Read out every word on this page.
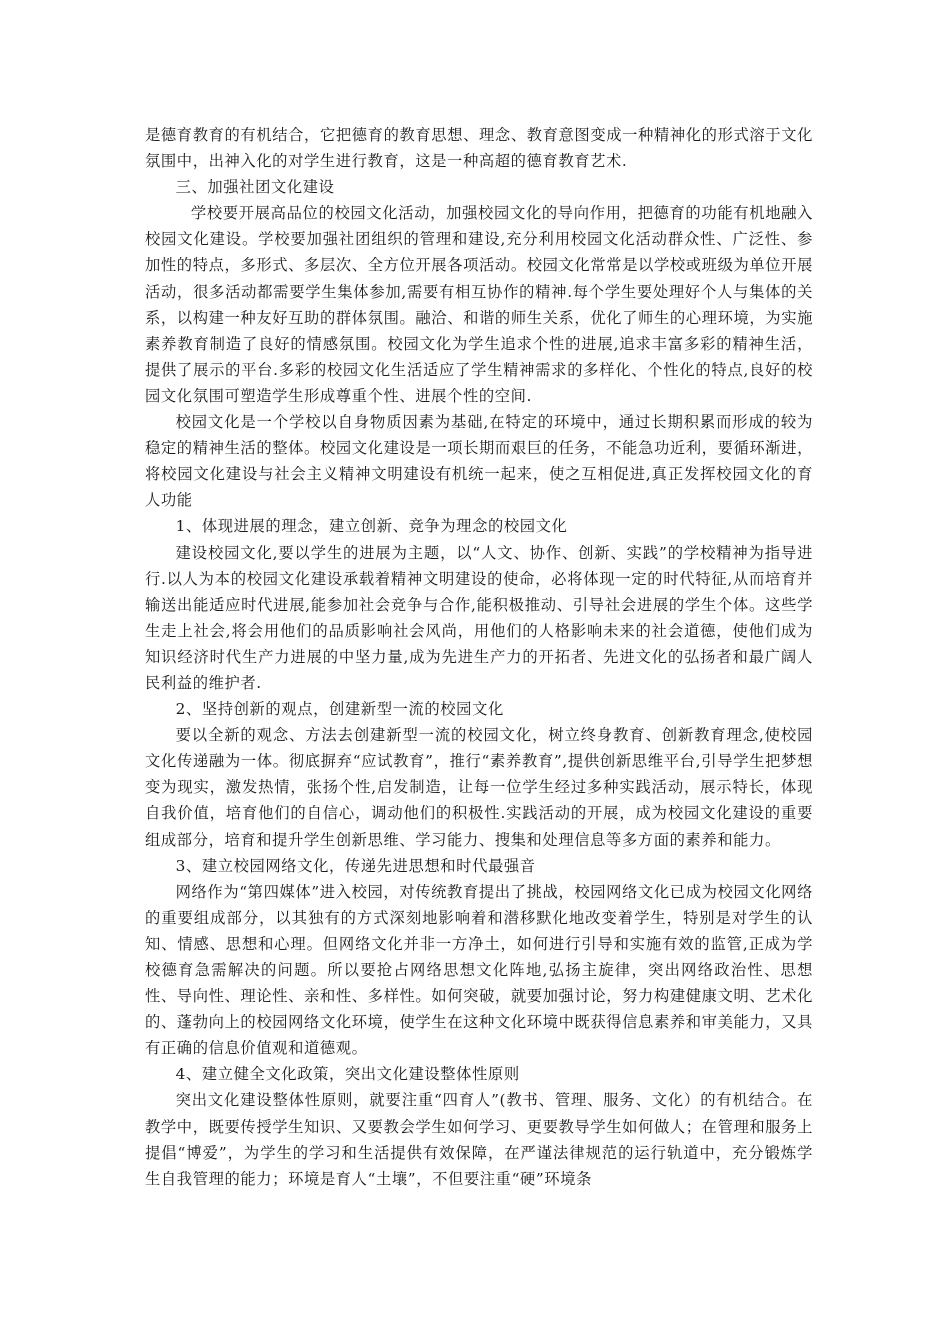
是德育教育的有机结合，它把德育的教育思想、理念、教育意图变成一种精神化的形式溶于文化氛围中，出神入化的对学生进行教育，这是一种高超的德育教育艺术.

三、加强社团文化建设

学校要开展高品位的校园文化活动，加强校园文化的导向作用，把德育的功能有机地融入校园文化建设。学校要加强社团组织的管理和建设,充分利用校园文化活动群众性、广泛性、参加性的特点，多形式、多层次、全方位开展各项活动。校园文化常常是以学校或班级为单位开展活动，很多活动都需要学生集体参加,需要有相互协作的精神.每个学生要处理好个人与集体的关系，以构建一种友好互助的群体氛围。融洽、和谐的师生关系，优化了师生的心理环境，为实施素养教育制造了良好的情感氛围。校园文化为学生追求个性的进展,追求丰富多彩的精神生活，提供了展示的平台.多彩的校园文化生活适应了学生精神需求的多样化、个性化的特点,良好的校园文化氛围可塑造学生形成尊重个性、进展个性的空间.

校园文化是一个学校以自身物质因素为基础,在特定的环境中，通过长期积累而形成的较为稳定的精神生活的整体。校园文化建设是一项长期而艰巨的任务，不能急功近利，要循环渐进，将校园文化建设与社会主义精神文明建设有机统一起来，使之互相促进,真正发挥校园文化的育人功能

1、体现进展的理念，建立创新、竞争为理念的校园文化

建设校园文化,要以学生的进展为主题，以“人文、协作、创新、实践”的学校精神为指导进行.以人为本的校园文化建设承载着精神文明建设的使命，必将体现一定的时代特征,从而培育并输送出能适应时代进展,能参加社会竞争与合作,能积极推动、引导社会进展的学生个体。这些学生走上社会,将会用他们的品质影响社会风尚，用他们的人格影响未来的社会道德，使他们成为知识经济时代生产力进展的中坚力量,成为先进生产力的开拓者、先进文化的弘扬者和最广阔人民利益的维护者.

2、坚持创新的观点，创建新型一流的校园文化

要以全新的观念、方法去创建新型一流的校园文化，树立终身教育、创新教育理念,使校园文化传递融为一体。彻底摒弃“应试教育”，推行“素养教育”,提供创新思维平台,引导学生把梦想变为现实，激发热情，张扬个性,启发制造，让每一位学生经过多种实践活动，展示特长，体现自我价值，培育他们的自信心，调动他们的积极性.实践活动的开展，成为校园文化建设的重要组成部分，培育和提升学生创新思维、学习能力、搜集和处理信息等多方面的素养和能力。

3、建立校园网络文化，传递先进思想和时代最强音

网络作为“第四媒体”进入校园，对传统教育提出了挑战，校园网络文化已成为校园文化网络的重要组成部分，以其独有的方式深刻地影响着和潜移默化地改变着学生，特别是对学生的认知、情感、思想和心理。但网络文化并非一方净土，如何进行引导和实施有效的监管,正成为学校德育急需解决的问题。所以要抢占网络思想文化阵地,弘扬主旋律，突出网络政治性、思想性、导向性、理论性、亲和性、多样性。如何突破，就要加强讨论，努力构建健康文明、艺术化的、蓬勃向上的校园网络文化环境，使学生在这种文化环境中既获得信息素养和审美能力，又具有正确的信息价值观和道德观。

4、建立健全文化政策，突出文化建设整体性原则

突出文化建设整体性原则，就要注重“四育人”(教书、管理、服务、文化）的有机结合。在教学中，既要传授学生知识、又要教会学生如何学习、更要教导学生如何做人；在管理和服务上提倡“博爱”，为学生的学习和生活提供有效保障，在严谨法律规范的运行轨道中，充分锻炼学生自我管理的能力；环境是育人“土壤”，不但要注重“硬”环境条
